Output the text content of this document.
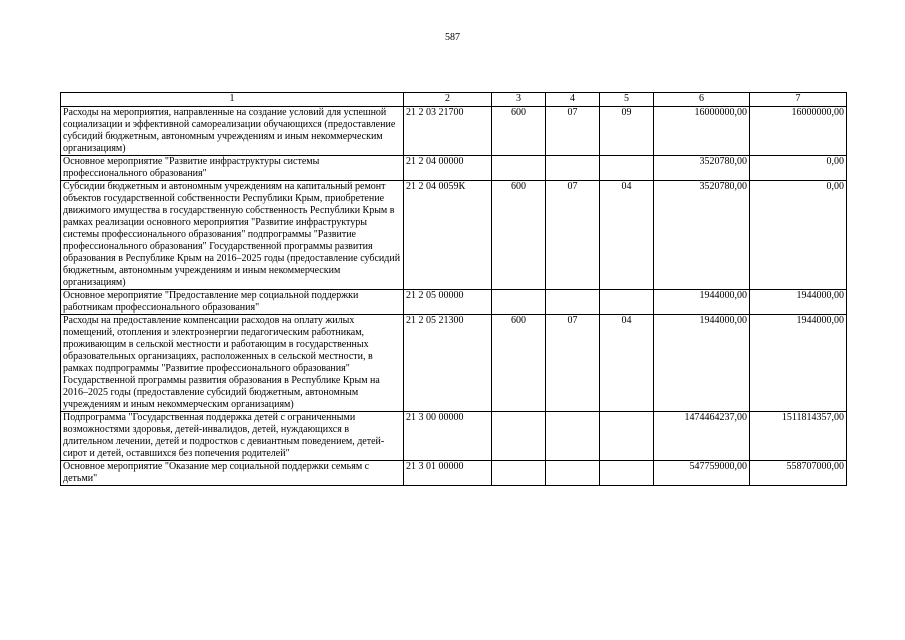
587
1	2	3	4	5	6	7
Расходы на мероприятия, направленные на создание условий для успешной социализации и эффективной самореализации обучающихся (предоставление субсидий бюджетным, автономным учреждениям и иным некоммерческим организациям)	21 2 03 21700	600	07	09	16000000,00	16000000,00
Основное мероприятие "Развитие инфраструктуры системы профессионального образования"	21 2 04 00000				3520780,00	0,00
Субсидии бюджетным и автономным учреждениям на капитальный ремонт объектов государственной собственности Республики Крым, приобретение движимого имущества в государственную собственность Республики Крым в рамках реализации основного мероприятия "Развитие инфраструктуры системы профессионального образования" подпрограммы "Развитие профессионального образования" Государственной программы развития образования в Республике Крым на 2016–2025 годы (предоставление субсидий бюджетным, автономным учреждениям и иным некоммерческим организациям)	21 2 04 0059К	600	07	04	3520780,00	0,00
Основное мероприятие "Предоставление мер социальной поддержки работникам профессионального образования"	21 2 05 00000				1944000,00	1944000,00
Расходы на предоставление компенсации расходов на оплату жилых помещений, отопления и электроэнергии педагогическим работникам, проживающим в сельской местности и работающим в государственных образовательных организациях, расположенных в сельской местности, в рамках подпрограммы "Развитие профессионального образования" Государственной программы развития образования в Республике Крым на 2016–2025 годы (предоставление субсидий бюджетным, автономным учреждениям и иным некоммерческим организациям)	21 2 05 21300	600	07	04	1944000,00	1944000,00
Подпрограмма "Государственная поддержка детей с ограниченными возможностями здоровья, детей-инвалидов, детей, нуждающихся в длительном лечении, детей и подростков с девиантным поведением, детей-сирот и детей, оставшихся без попечения родителей"	21 3 00 00000				1474464237,00	1511814357,00
Основное мероприятие "Оказание мер социальной поддержки семьям с детьми"	21 3 01 00000				547759000,00	558707000,00
